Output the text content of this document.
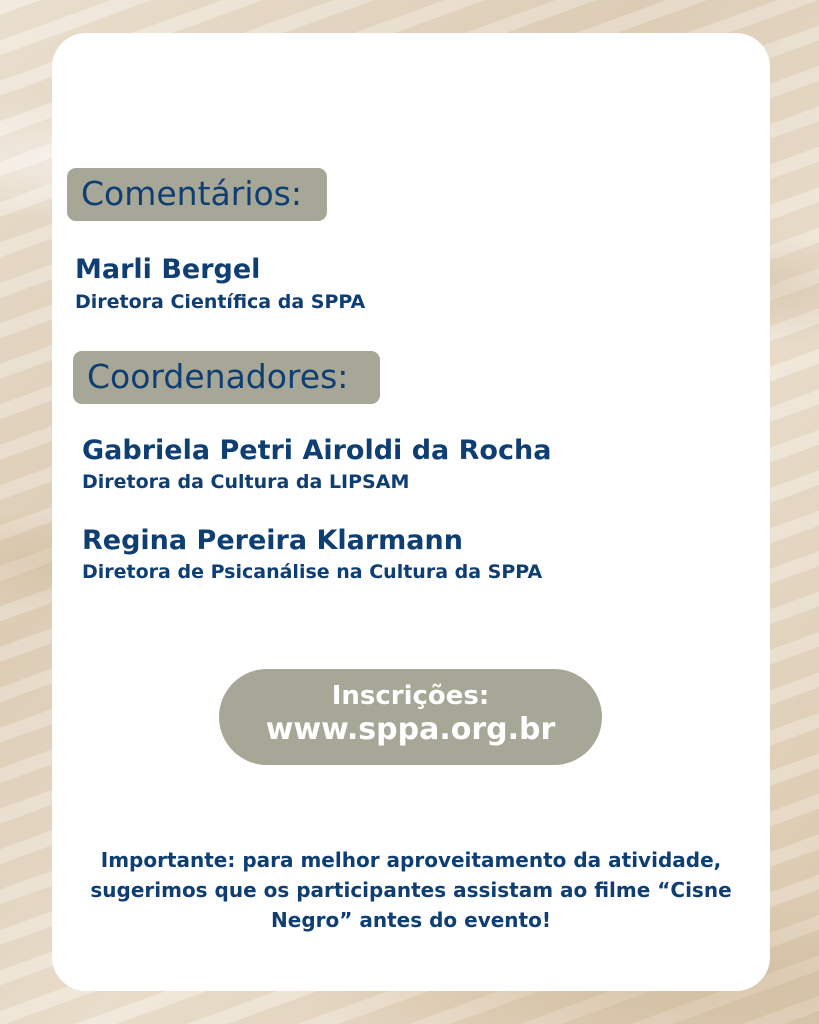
Comentários:
Marli Bergel
Diretora Científica da SPPA
Coordenadores:
Gabriela Petri Airoldi da Rocha
Diretora da Cultura da LIPSAM
Regina Pereira Klarmann
Diretora de Psicanálise na Cultura da SPPA
Inscrições:
www.sppa.org.br
Importante: para melhor aproveitamento da atividade, sugerimos que os participantes assistam ao filme “Cisne Negro” antes do evento!
